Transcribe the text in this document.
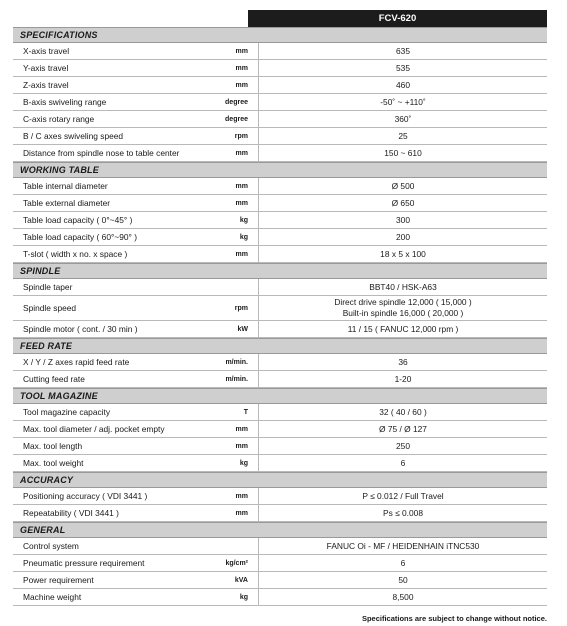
FCV-620
SPECIFICATIONS
X-axis travel	mm	635
Y-axis travel	mm	535
Z-axis travel	mm	460
B-axis swiveling range	degree	-50˚ ~ +110˚
C-axis rotary range	degree	360˚
B / C axes swiveling speed	rpm	25
Distance from spindle nose to table center	mm	150 ~ 610
WORKING TABLE
Table internal diameter	mm	Ø 500
Table external diameter	mm	Ø 650
Table load capacity ( 0°~45° )	kg	300
Table load capacity ( 60°~90° )	kg	200
T-slot ( width x no. x space )	mm	18 x 5 x 100
SPINDLE
Spindle taper	BBT40 / HSK-A63
Spindle speed	rpm
Direct drive spindle 12,000 ( 15,000 )
Built-in spindle 16,000 ( 20,000 )
Spindle motor ( cont. / 30 min )	kW	11 / 15 ( FANUC 12,000 rpm )
FEED RATE
X / Y / Z axes rapid feed rate	m/min.	36
Cutting feed rate	m/min.	1-20
TOOL MAGAZINE
Tool magazine capacity	T	32 ( 40 / 60 )
Max. tool diameter / adj. pocket empty	mm	Ø 75 / Ø 127
Max. tool length	mm	250
Max. tool weight	kg	6
ACCURACY
Positioning accuracy ( VDI 3441 )	mm	P ≤ 0.012 / Full Travel
Repeatability ( VDI 3441 )	mm	Ps ≤ 0.008
GENERAL
Control system	FANUC Oi - MF / HEIDENHAIN iTNC530
Pneumatic pressure requirement	kg/cm²	6
Power requirement	kVA	50
Machine weight	kg	8,500
Specifications are subject to change without notice.
